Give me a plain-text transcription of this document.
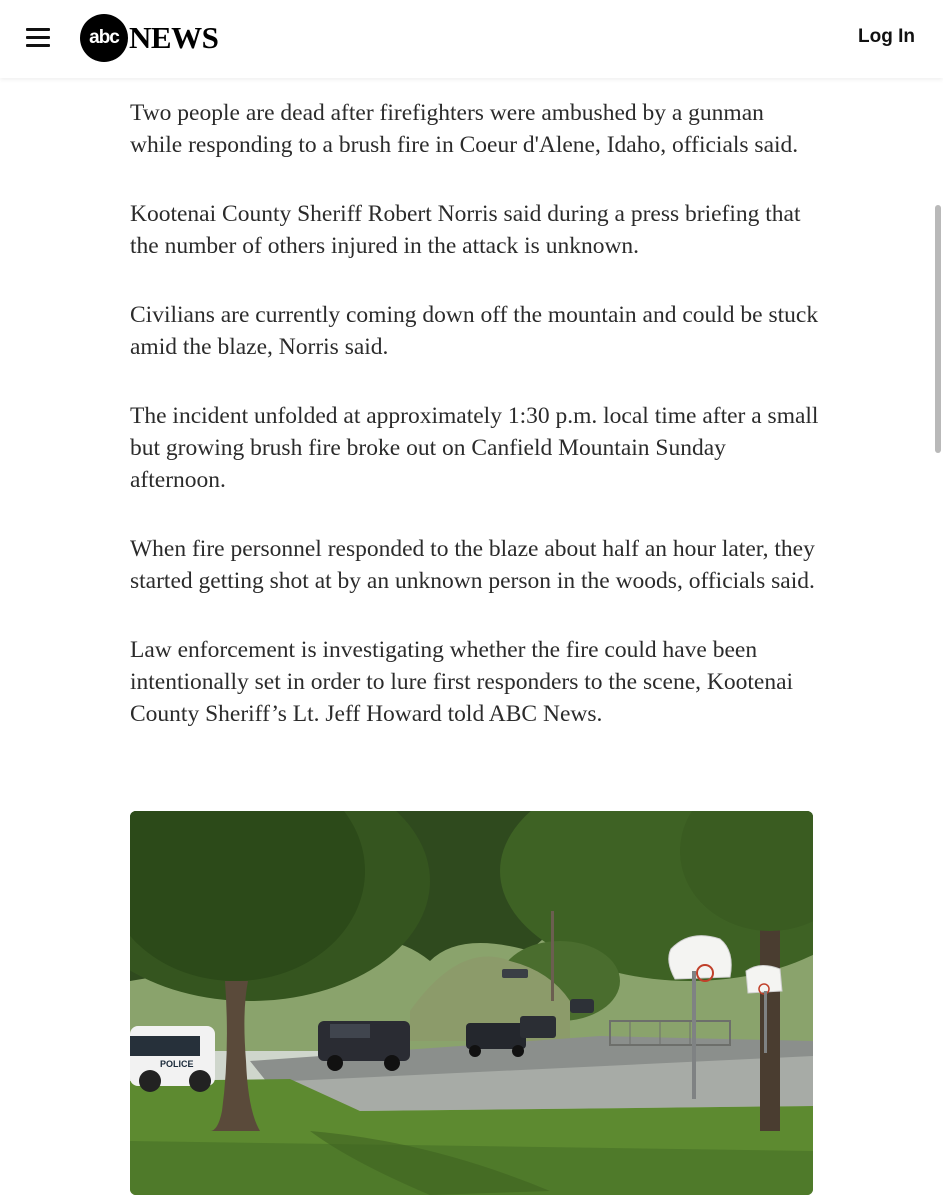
abc NEWS	Log In

Two people are dead after firefighters were ambushed by a gunman while responding to a brush fire in Coeur d'Alene, Idaho, officials said.

Kootenai County Sheriff Robert Norris said during a press briefing that the number of others injured in the attack is unknown.

Civilians are currently coming down off the mountain and could be stuck amid the blaze, Norris said.

The incident unfolded at approximately 1:30 p.m. local time after a small but growing brush fire broke out on Canfield Mountain Sunday afternoon.

When fire personnel responded to the blaze about half an hour later, they started getting shot at by an unknown person in the woods, officials said.

Law enforcement is investigating whether the fire could have been intentionally set in order to lure first responders to the scene, Kootenai County Sheriff’s Lt. Jeff Howard told ABC News.

POLICE
